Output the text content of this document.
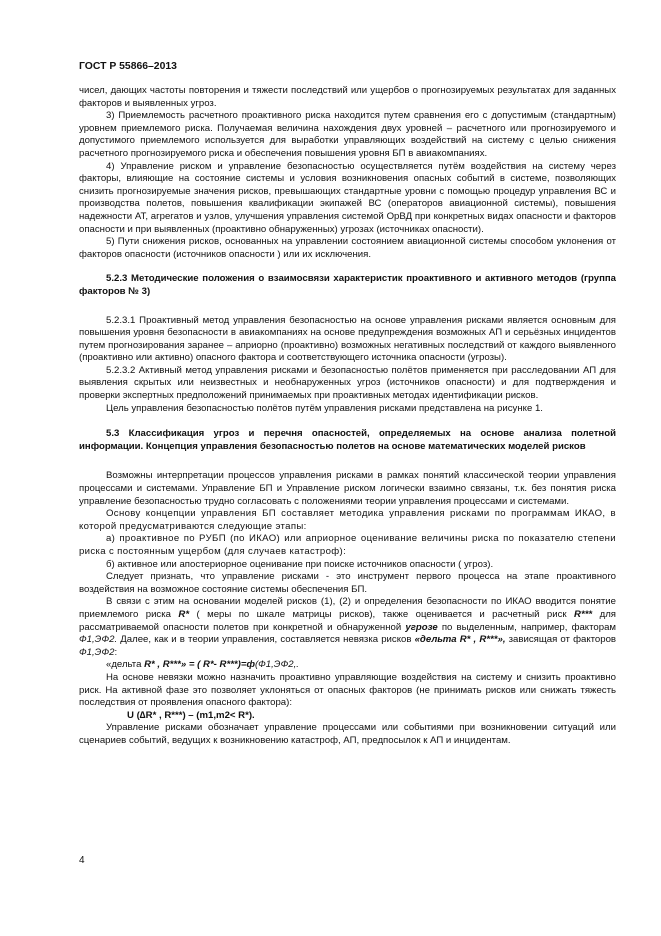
ГОСТ Р 55866–2013

чисел, дающих частоты повторения и тяжести последствий или ущербов о прогнозируемых результатах для заданных факторов и выявленных угроз.

3) Приемлемость расчетного проактивного риска находится путем сравнения его с допустимым (стандартным) уровнем приемлемого риска. Получаемая величина нахождения двух уровней – расчетного или прогнозируемого и допустимого приемлемого используется для выработки управляющих воздействий на систему с целью снижения расчетного прогнозируемого риска и обеспечения повышения уровня БП в авиакомпаниях.

4) Управление риском и управление безопасностью осуществляется путём воздействия на систему через факторы, влияющие на состояние системы и условия возникновения опасных событий в системе, позволяющих снизить прогнозируемые значения рисков, превышающих стандартные уровни с помощью процедур управления ВС и производства полетов, повышения квалификации экипажей ВС (операторов авиационной системы), повышения надежности АТ, агрегатов и узлов, улучшения управления системой ОрВД при конкретных видах опасности и факторов опасности и при выявленных (проактивно обнаруженных) угрозах (источниках опасности).

5) Пути снижения рисков, основанных на управлении состоянием авиационной системы способом уклонения от факторов опасности (источников опасности ) или их исключения.

5.2.3 Методические положения о взаимосвязи характеристик проактивного и активного методов (группа факторов № 3)

5.2.3.1 Проактивный метод управления безопасностью на основе управления рисками является основным для повышения уровня безопасности в авиакомпаниях на основе предупреждения возможных АП и серьёзных инцидентов путем прогнозирования заранее – априорно (проактивно) возможных негативных последствий от каждого выявленного (проактивно или активно) опасного фактора и соответствующего источника опасности (угрозы).

5.2.3.2 Активный метод управления рисками и безопасностью полётов применяется при расследовании АП для выявления скрытых или неизвестных и необнаруженных угроз (источников опасности) и для подтверждения и проверки экспертных предположений принимаемых при проактивных методах идентификации рисков.

Цель управления безопасностью полётов путём управления рисками представлена на рисунке 1.

5.3 Классификация угроз и перечня опасностей, определяемых на основе анализа полетной информации. Концепция управления безопасностью полетов на основе математических моделей рисков

Возможны интерпретации процессов управления рисками в рамках понятий классической теории управления процессами и системами. Управление БП и Управление риском логически взаимно связаны, т.к. без понятия риска управление безопасностью трудно согласовать с положениями теории управления процессами и системами.

Основу концепции управления БП составляет методика управления рисками по программам ИКАО, в которой предусматриваются следующие этапы:

а) проактивное по РУБП (по ИКАО) или априорное оценивание величины риска по показателю степени риска с постоянным ущербом (для случаев катастроф):

б) активное или апостериорное оценивание при поиске источников опасности ( угроз).

Следует признать, что управление рисками - это инструмент первого процесса на этапе проактивного воздействия на возможное состояние системы обеспечения БП.

В связи с этим на основании моделей рисков (1), (2) и определения безопасности по ИКАО вводится понятие приемлемого риска R* ( меры по шкале матрицы рисков), также оценивается и расчетный риск R*** для рассматриваемой опасности полетов при конкретной и обнаруженной угрозе по выделенным, например, факторам Ф1,ЭФ2. Далее, как и в теории управления, составляется невязка рисков «дельта R* , R***», зависящая от факторов Ф1,ЭФ2:

«дельта R* , R***» = ( R*- R***)=ф(Ф1,ЭФ2,.

На основе невязки можно назначить проактивно управляющие воздействия на систему и снизить проактивно риск. На активной фазе это позволяет уклоняться от опасных факторов (не принимать рисков или снижать тяжесть последствия от проявления опасного фактора):

U (∆R* , R***) – (m1,m2< R*).

Управление рисками обозначает управление процессами или событиями при возникновении ситуаций или сценариев событий, ведущих к возникновению катастроф, АП, предпосылок к АП и инцидентам.

4
